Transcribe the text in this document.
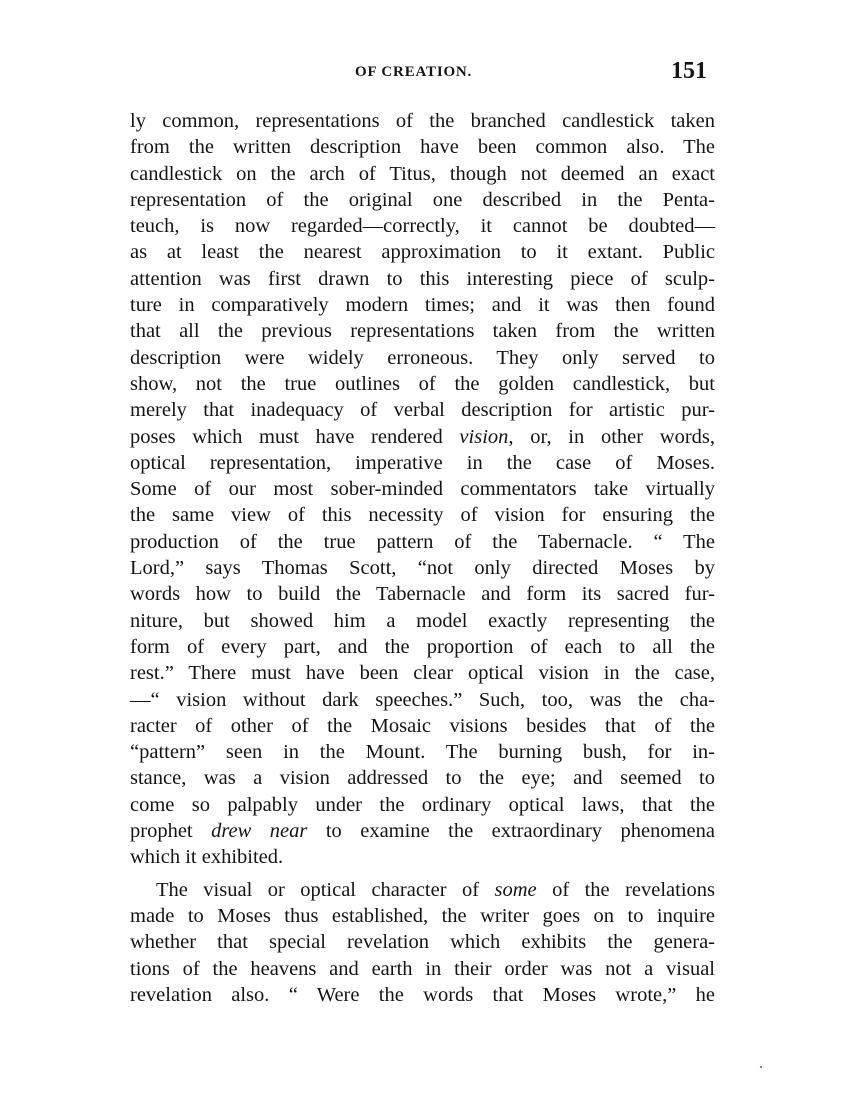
OF CREATION.	151
ly common, representations of the branched candlestick taken
from the written description have been common also. The
candlestick on the arch of Titus, though not deemed an exact
representation of the original one described in the Penta-
teuch, is now regarded—correctly, it cannot be doubted—
as at least the nearest approximation to it extant. Public
attention was first drawn to this interesting piece of sculp-
ture in comparatively modern times; and it was then found
that all the previous representations taken from the written
description were widely erroneous. They only served to
show, not the true outlines of the golden candlestick, but
merely that inadequacy of verbal description for artistic pur-
poses which must have rendered vision, or, in other words,
optical representation, imperative in the case of Moses.
Some of our most sober-minded commentators take virtually
the same view of this necessity of vision for ensuring the
production of the true pattern of the Tabernacle. “ The
Lord,” says Thomas Scott, “not only directed Moses by
words how to build the Tabernacle and form its sacred fur-
niture, but showed him a model exactly representing the
form of every part, and the proportion of each to all the
rest.” There must have been clear optical vision in the case,
—“ vision without dark speeches.” Such, too, was the cha-
racter of other of the Mosaic visions besides that of the
“pattern” seen in the Mount. The burning bush, for in-
stance, was a vision addressed to the eye; and seemed to
come so palpably under the ordinary optical laws, that the
prophet drew near to examine the extraordinary phenomena
which it exhibited.
The visual or optical character of some of the revelations
made to Moses thus established, the writer goes on to inquire
whether that special revelation which exhibits the genera-
tions of the heavens and earth in their order was not a visual
revelation also. “ Were the words that Moses wrote,” he
